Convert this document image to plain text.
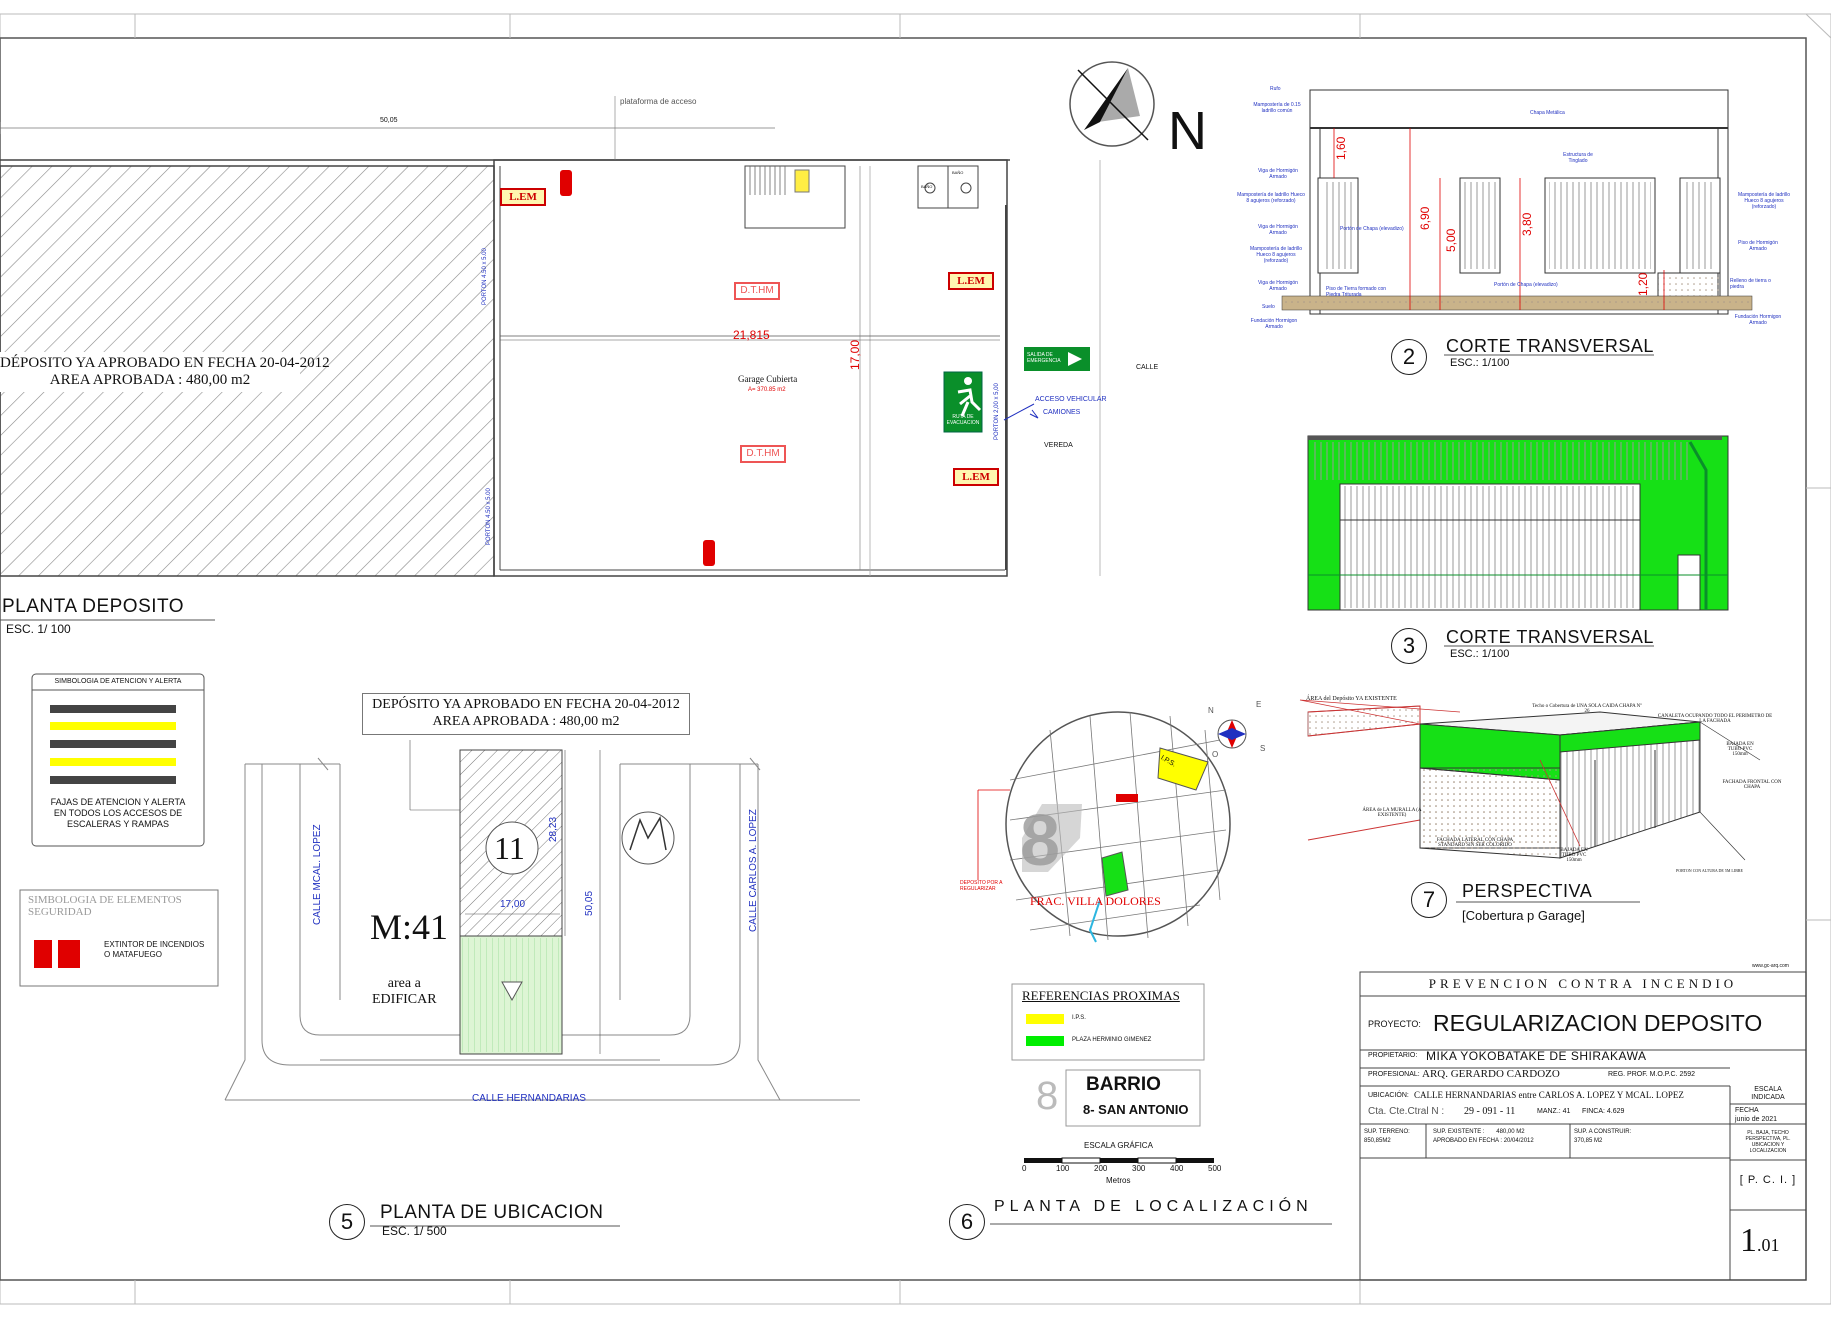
N
DÉPOSITO YA APROBADO EN FECHA 20-04-2012
AREA APROBADA : 480,00 m2
50,05
plataforma de acceso
21,815
17,00
Garage Cubierta
A= 370.85 m2
PORTON 4.50 x 5.00
PORTON 4.50 x 5.00
PORTON 2,00 x 5,00
L.EM
L.EM
L.EM
D.T.HM
D.T.HM
SALIDA DE EMERGENCIA
RUTA DE EVACUACION
ACCESO VEHICULAR
CAMIONES
VEREDA
CALLE
BAÑO
BAÑO
PLANTA DEPOSITO
ESC. 1/ 100
Rufo
Mampostería de 0.15 ladrillo común
Viga de Hormigón Armado
Mampostería de ladrillo Hueco 8 agujeros (reforzado)
Viga de Hormigón Armado
Mampostería de ladrillo Hueco 8 agujeros (reforzado)
Viga de Hormigón Armado
Suelo
Fundación Hormigon Armado
Mampostería de ladrillo Hueco 8 agujeros (reforzado)
Piso de Hormigón Armado
Relleno de tierra o piedra
Fundación Hormigon Armado
Chapa Metálica
Estructura de Tinglado
Portón de Chapa (elevadizo)
Portón de Chapa (elevadizo)
Piso de Tierra formado con Piedra Triturada
1,60
6,90
5,00
3,80
1,20
2	CORTE TRANSVERSAL
ESC.: 1/100
3	CORTE TRANSVERSAL
ESC.: 1/100
ÁREA del Depósito YA EXISTENTE
Techo o Cobertura de UNA SOLA CAIDA CHAPA Nº 26
CANALETA OCUPANDO TODO EL PERIMETRO DE LA FACHADA
BAJADA EN TUBO PVC 150mm
FACHADA FRONTAL CON CHAPA
ÁREA de LA MURALLA (A EXISTENTE)
FACHADA LATERAL CON CHAPA STANDARD SIN SER COLORIDO
BAJADA EN TUBO PVC 150mm
PORTON CON ALTURA DE 5M LIBRE
7	PERSPECTIVA
[Cobertura p Garage]
SIMBOLOGIA DE ATENCION Y ALERTA
FAJAS DE ATENCION Y ALERTA
EN TODOS LOS ACCESOS DE
ESCALERAS Y RAMPAS
SIMBOLOGIA DE ELEMENTOS
SEGURIDAD
EXTINTOR DE INCENDIOS
O MATAFUEGO
DEPÓSITO YA APROBADO EN FECHA 20-04-2012
AREA APROBADA : 480,00 m2
11
M:41
28,23
50,05
17,00
area a
EDIFICAR
CALLE MCAL. LOPEZ	CALLE CARLOS A. LOPEZ
CALLE HERNANDARIAS
5	PLANTA DE UBICACION
ESC. 1/ 500
FRAC. VILLA DOLORES
DEPOSITO POR A REGULARIZAR
8
I.P.S.
N
E
S
O
REFERENCIAS PROXIMAS
I.P.S.
PLAZA HERMINIO GIMENEZ
8 BARRIO
8- SAN ANTONIO
ESCALA GRÁFICA
0	100	200	300	400	500
Metros
6
PLANTA DE LOCALIZACIÓN
www.gc-arq.com
PREVENCION CONTRA INCENDIO
PROYECTO: REGULARIZACION DEPOSITO
PROPIETARIO: MIKA YOKOBATAKE DE SHIRAKAWA
PROFESIONAL: ARQ. GERARDO CARDOZO	REG. PROF. M.O.P.C. 2592
UBICACIÓN: CALLE HERNANDARIAS entre CARLOS A. LOPEZ Y MCAL. LOPEZ
Cta. Cte.Ctral N : 29 - 091 - 11	MANZ.: 41 FINCA: 4.629
ESCALA
INDICADA
FECHA
junio de 2021
SUP. TERRENO:
850,85M2
SUP. EXISTENTE : 480,00 M2
APROBADO EN FECHA : 20/04/2012
SUP. A CONSTRUIR:
370,85 M2
PL. BAJA, TECHO PERSPECTIVA, PL. UBICACION Y LOCALIZACION
[ P. C. I. ]
1.01
